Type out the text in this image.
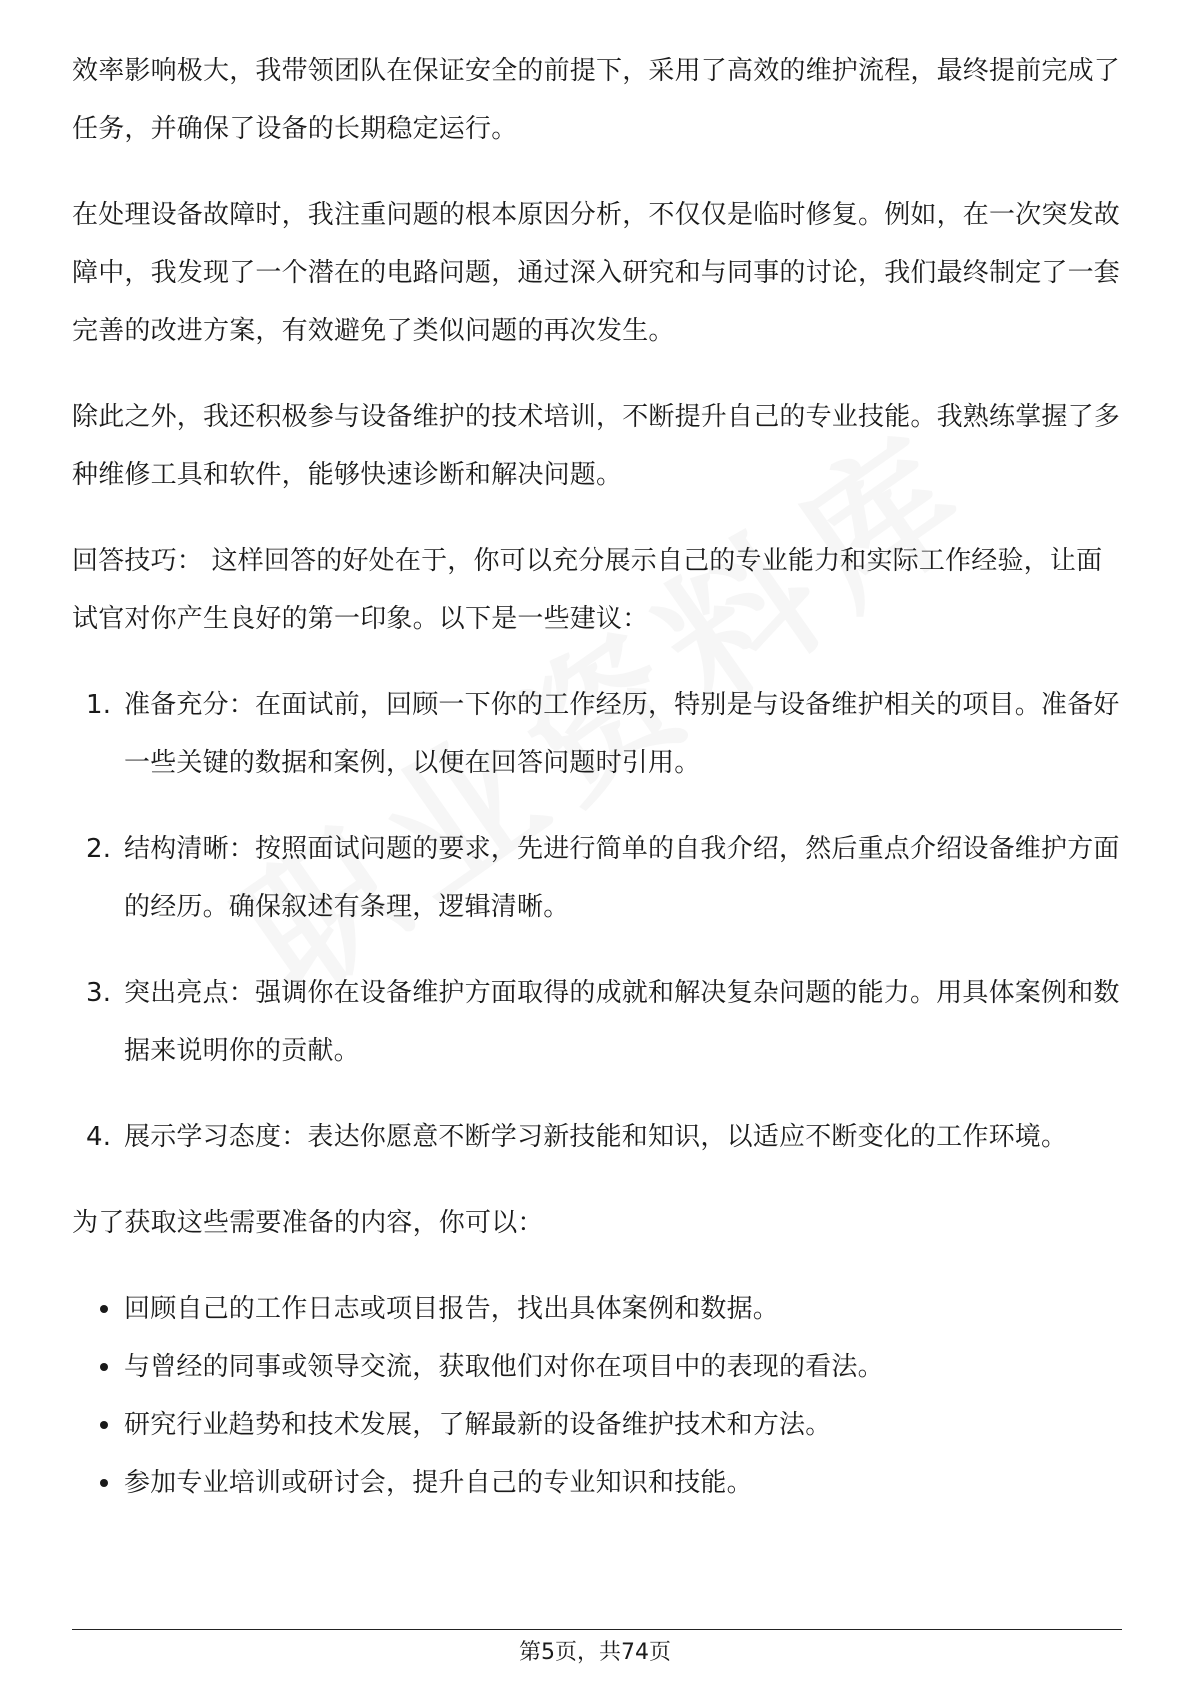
效率影响极大，我带领团队在保证安全的前提下，采用了高效的维护流程，最终提前完成了任务，并确保了设备的长期稳定运行。

在处理设备故障时，我注重问题的根本原因分析，不仅仅是临时修复。例如，在一次突发故障中，我发现了一个潜在的电路问题，通过深入研究和与同事的讨论，我们最终制定了一套完善的改进方案，有效避免了类似问题的再次发生。

除此之外，我还积极参与设备维护的技术培训，不断提升自己的专业技能。我熟练掌握了多种维修工具和软件，能够快速诊断和解决问题。

回答技巧： 这样回答的好处在于，你可以充分展示自己的专业能力和实际工作经验，让面试官对你产生良好的第一印象。以下是一些建议：

1. 准备充分：在面试前，回顾一下你的工作经历，特别是与设备维护相关的项目。准备好一些关键的数据和案例，以便在回答问题时引用。
2. 结构清晰：按照面试问题的要求，先进行简单的自我介绍，然后重点介绍设备维护方面的经历。确保叙述有条理，逻辑清晰。
3. 突出亮点：强调你在设备维护方面取得的成就和解决复杂问题的能力。用具体案例和数据来说明你的贡献。
4. 展示学习态度：表达你愿意不断学习新技能和知识，以适应不断变化的工作环境。

为了获取这些需要准备的内容，你可以：

回顾自己的工作日志或项目报告，找出具体案例和数据。
与曾经的同事或领导交流，获取他们对你在项目中的表现的看法。
研究行业趋势和技术发展，了解最新的设备维护技术和方法。
参加专业培训或研讨会，提升自己的专业知识和技能。
第5页，共74页
